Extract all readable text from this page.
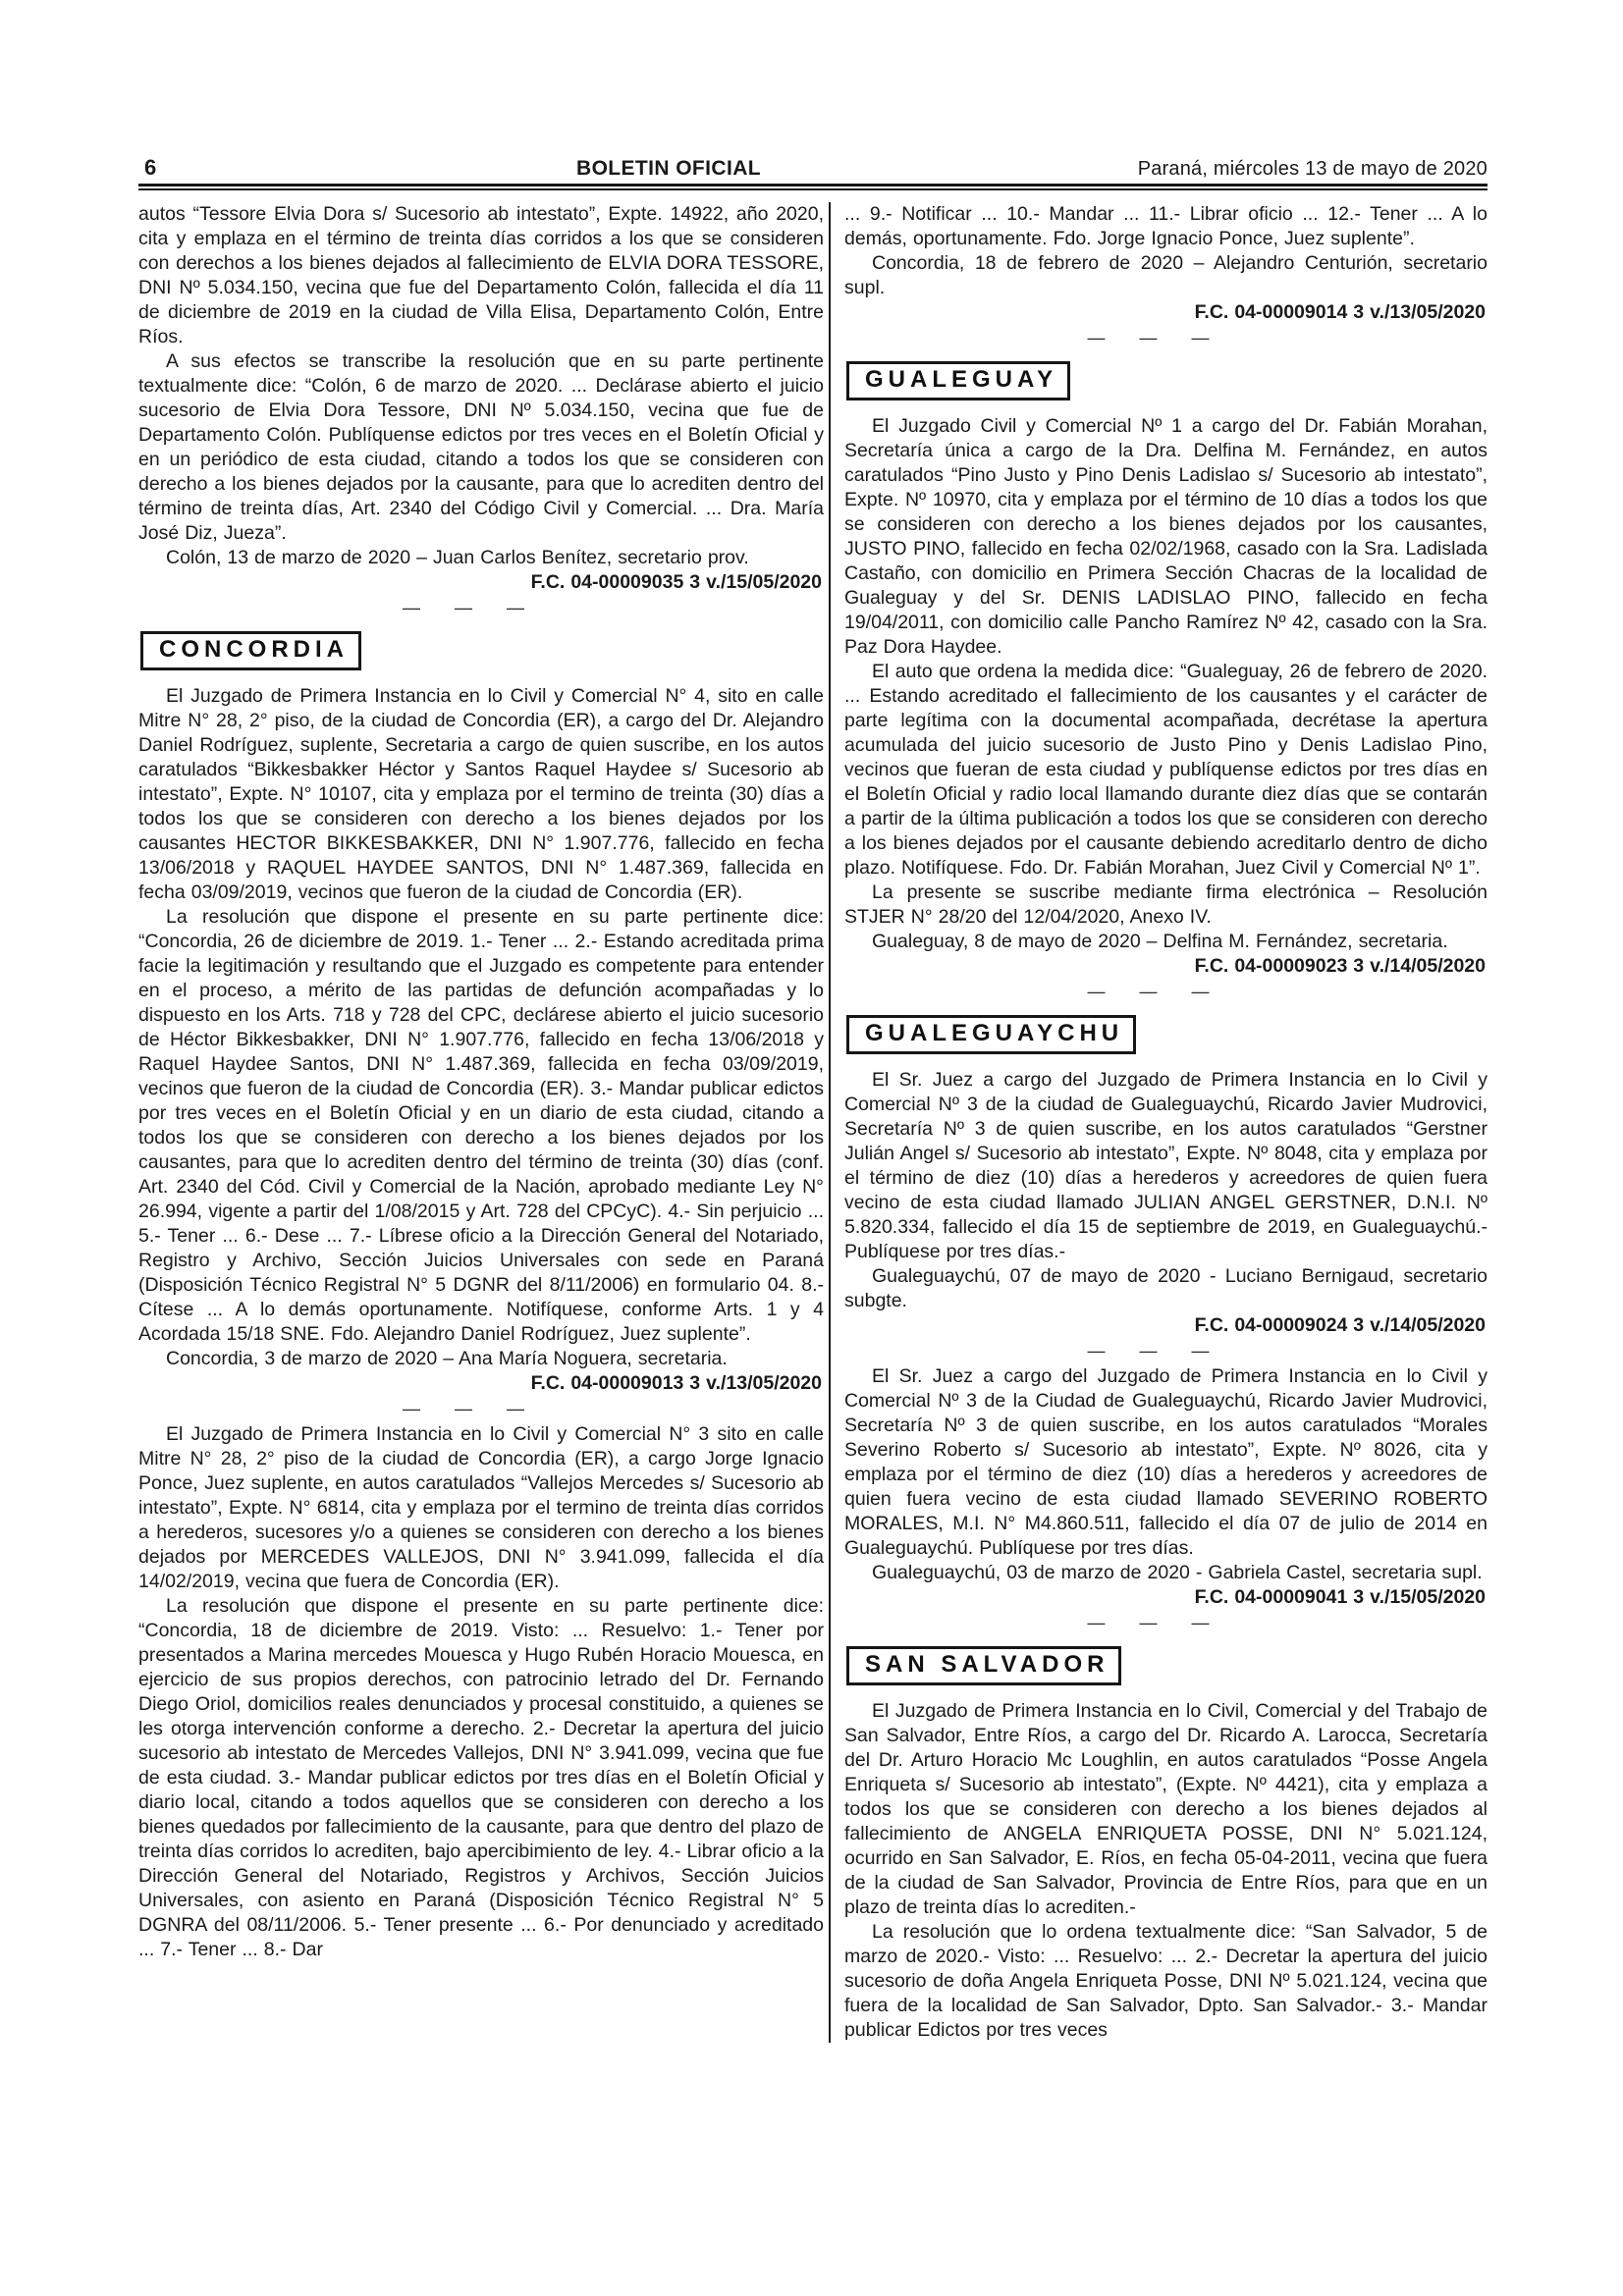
6	BOLETIN OFICIAL	Paraná, miércoles 13 de mayo de 2020

autos “Tessore Elvia Dora s/ Sucesorio ab intestato”, Expte. 14922, año 2020, cita y emplaza en el término de treinta días corridos a los que se consideren con derechos a los bienes dejados al fallecimiento de ELVIA DORA TESSORE, DNI Nº 5.034.150, vecina que fue del Departamento Colón, fallecida el día 11 de diciembre de 2019 en la ciudad de Villa Elisa, Departamento Colón, Entre Ríos.

A sus efectos se transcribe la resolución que en su parte pertinente textualmente dice: “Colón, 6 de marzo de 2020. ... Declárase abierto el juicio sucesorio de Elvia Dora Tessore, DNI Nº 5.034.150, vecina que fue de Departamento Colón. Publíquense edictos por tres veces en el Boletín Oficial y en un periódico de esta ciudad, citando a todos los que se consideren con derecho a los bienes dejados por la causante, para que lo acrediten dentro del término de treinta días, Art. 2340 del Código Civil y Comercial. ... Dra. María José Diz, Jueza”.

Colón, 13 de marzo de 2020 – Juan Carlos Benítez, secretario prov.

F.C. 04-00009035 3 v./15/05/2020

— — —
CONCORDIA

El Juzgado de Primera Instancia en lo Civil y Comercial N° 4, sito en calle Mitre N° 28, 2° piso, de la ciudad de Concordia (ER), a cargo del Dr. Alejandro Daniel Rodríguez, suplente, Secretaria a cargo de quien suscribe, en los autos caratulados “Bikkesbakker Héctor y Santos Raquel Haydee s/ Sucesorio ab intestato”, Expte. N° 10107, cita y emplaza por el termino de treinta (30) días a todos los que se consideren con derecho a los bienes dejados por los causantes HECTOR BIKKESBAKKER, DNI N° 1.907.776, fallecido en fecha 13/06/2018 y RAQUEL HAYDEE SANTOS, DNI N° 1.487.369, fallecida en fecha 03/09/2019, vecinos que fueron de la ciudad de Concordia (ER).

La resolución que dispone el presente en su parte pertinente dice: “Concordia, 26 de diciembre de 2019. 1.- Tener ... 2.- Estando acreditada prima facie la legitimación y resultando que el Juzgado es competente para entender en el proceso, a mérito de las partidas de defunción acompañadas y lo dispuesto en los Arts. 718 y 728 del CPC, declárese abierto el juicio sucesorio de Héctor Bikkesbakker, DNI N° 1.907.776, fallecido en fecha 13/06/2018 y Raquel Haydee Santos, DNI N° 1.487.369, fallecida en fecha 03/09/2019, vecinos que fueron de la ciudad de Concordia (ER). 3.- Mandar publicar edictos por tres veces en el Boletín Oficial y en un diario de esta ciudad, citando a todos los que se consideren con derecho a los bienes dejados por los causantes, para que lo acrediten dentro del término de treinta (30) días (conf. Art. 2340 del Cód. Civil y Comercial de la Nación, aprobado mediante Ley N° 26.994, vigente a partir del 1/08/2015 y Art. 728 del CPCyC). 4.- Sin perjuicio ... 5.- Tener ... 6.- Dese ... 7.- Líbrese oficio a la Dirección General del Notariado, Registro y Archivo, Sección Juicios Universales con sede en Paraná (Disposición Técnico Registral N° 5 DGNR del 8/11/2006) en formulario 04. 8.- Cítese ... A lo demás oportunamente. Notifíquese, conforme Arts. 1 y 4 Acordada 15/18 SNE. Fdo. Alejandro Daniel Rodríguez, Juez suplente”.

Concordia, 3 de marzo de 2020 – Ana María Noguera, secretaria.

F.C. 04-00009013 3 v./13/05/2020

— — —

El Juzgado de Primera Instancia en lo Civil y Comercial N° 3 sito en calle Mitre N° 28, 2° piso de la ciudad de Concordia (ER), a cargo Jorge Ignacio Ponce, Juez suplente, en autos caratulados “Vallejos Mercedes s/ Sucesorio ab intestato”, Expte. N° 6814, cita y emplaza por el termino de treinta días corridos a herederos, sucesores y/o a quienes se consideren con derecho a los bienes dejados por MERCEDES VALLEJOS, DNI N° 3.941.099, fallecida el día 14/02/2019, vecina que fuera de Concordia (ER).

La resolución que dispone el presente en su parte pertinente dice: “Concordia, 18 de diciembre de 2019. Visto: ... Resuelvo: 1.- Tener por presentados a Marina mercedes Mouesca y Hugo Rubén Horacio Mouesca, en ejercicio de sus propios derechos, con patrocinio letrado del Dr. Fernando Diego Oriol, domicilios reales denunciados y procesal constituido, a quienes se les otorga intervención conforme a derecho. 2.- Decretar la apertura del juicio sucesorio ab intestato de Mercedes Vallejos, DNI N° 3.941.099, vecina que fue de esta ciudad. 3.- Mandar publicar edictos por tres días en el Boletín Oficial y diario local, citando a todos aquellos que se consideren con derecho a los bienes quedados por fallecimiento de la causante, para que dentro del plazo de treinta días corridos lo acrediten, bajo apercibimiento de ley. 4.- Librar oficio a la Dirección General del Notariado, Registros y Archivos, Sección Juicios Universales, con asiento en Paraná (Disposición Técnico Registral N° 5 DGNRA del 08/11/2006. 5.- Tener presente ... 6.- Por denunciado y acreditado ... 7.- Tener ... 8.- Dar

... 9.- Notificar ... 10.- Mandar ... 11.- Librar oficio ... 12.- Tener ... A lo demás, oportunamente. Fdo. Jorge Ignacio Ponce, Juez suplente”.

Concordia, 18 de febrero de 2020 – Alejandro Centurión, secretario supl.

F.C. 04-00009014 3 v./13/05/2020

— — —
GUALEGUAY

El Juzgado Civil y Comercial Nº 1 a cargo del Dr. Fabián Morahan, Secretaría única a cargo de la Dra. Delfina M. Fernández, en autos caratulados “Pino Justo y Pino Denis Ladislao s/ Sucesorio ab intestato”, Expte. Nº 10970, cita y emplaza por el término de 10 días a todos los que se consideren con derecho a los bienes dejados por los causantes, JUSTO PINO, fallecido en fecha 02/02/1968, casado con la Sra. Ladislada Castaño, con domicilio en Primera Sección Chacras de la localidad de Gualeguay y del Sr. DENIS LADISLAO PINO, fallecido en fecha 19/04/2011, con domicilio calle Pancho Ramírez Nº 42, casado con la Sra. Paz Dora Haydee.

El auto que ordena la medida dice: “Gualeguay, 26 de febrero de 2020. ... Estando acreditado el fallecimiento de los causantes y el carácter de parte legítima con la documental acompañada, decrétase la apertura acumulada del juicio sucesorio de Justo Pino y Denis Ladislao Pino, vecinos que fueran de esta ciudad y publíquense edictos por tres días en el Boletín Oficial y radio local llamando durante diez días que se contarán a partir de la última publicación a todos los que se consideren con derecho a los bienes dejados por el causante debiendo acreditarlo dentro de dicho plazo. Notifíquese. Fdo. Dr. Fabián Morahan, Juez Civil y Comercial Nº 1”.

La presente se suscribe mediante firma electrónica – Resolución STJER N° 28/20 del 12/04/2020, Anexo IV.

Gualeguay, 8 de mayo de 2020 – Delfina M. Fernández, secretaria.

F.C. 04-00009023 3 v./14/05/2020

— — —
GUALEGUAYCHU

El Sr. Juez a cargo del Juzgado de Primera Instancia en lo Civil y Comercial Nº 3 de la ciudad de Gualeguaychú, Ricardo Javier Mudrovici, Secretaría Nº 3 de quien suscribe, en los autos caratulados “Gerstner Julián Angel s/ Sucesorio ab intestato”, Expte. Nº 8048, cita y emplaza por el término de diez (10) días a herederos y acreedores de quien fuera vecino de esta ciudad llamado JULIAN ANGEL GERSTNER, D.N.I. Nº 5.820.334, fallecido el día 15 de septiembre de 2019, en Gualeguaychú.- Publíquese por tres días.-

Gualeguaychú, 07 de mayo de 2020 - Luciano Bernigaud, secretario subgte.

F.C. 04-00009024 3 v./14/05/2020

— — —

El Sr. Juez a cargo del Juzgado de Primera Instancia en lo Civil y Comercial Nº 3 de la Ciudad de Gualeguaychú, Ricardo Javier Mudrovici, Secretaría Nº 3 de quien suscribe, en los autos caratulados “Morales Severino Roberto s/ Sucesorio ab intestato”, Expte. Nº 8026, cita y emplaza por el término de diez (10) días a herederos y acreedores de quien fuera vecino de esta ciudad llamado SEVERINO ROBERTO MORALES, M.I. N° M4.860.511, fallecido el día 07 de julio de 2014 en Gualeguaychú. Publíquese por tres días.

Gualeguaychú, 03 de marzo de 2020 - Gabriela Castel, secretaria supl.

F.C. 04-00009041 3 v./15/05/2020

— — —
SAN SALVADOR

El Juzgado de Primera Instancia en lo Civil, Comercial y del Trabajo de San Salvador, Entre Ríos, a cargo del Dr. Ricardo A. Larocca, Secretaría del Dr. Arturo Horacio Mc Loughlin, en autos caratulados “Posse Angela Enriqueta s/ Sucesorio ab intestato”, (Expte. Nº 4421), cita y emplaza a todos los que se consideren con derecho a los bienes dejados al fallecimiento de ANGELA ENRIQUETA POSSE, DNI N° 5.021.124, ocurrido en San Salvador, E. Ríos, en fecha 05-04-2011, vecina que fuera de la ciudad de San Salvador, Provincia de Entre Ríos, para que en un plazo de treinta días lo acrediten.-

La resolución que lo ordena textualmente dice: “San Salvador, 5 de marzo de 2020.- Visto: ... Resuelvo: ... 2.- Decretar la apertura del juicio sucesorio de doña Angela Enriqueta Posse, DNI Nº 5.021.124, vecina que fuera de la localidad de San Salvador, Dpto. San Salvador.- 3.- Mandar publicar Edictos por tres veces
